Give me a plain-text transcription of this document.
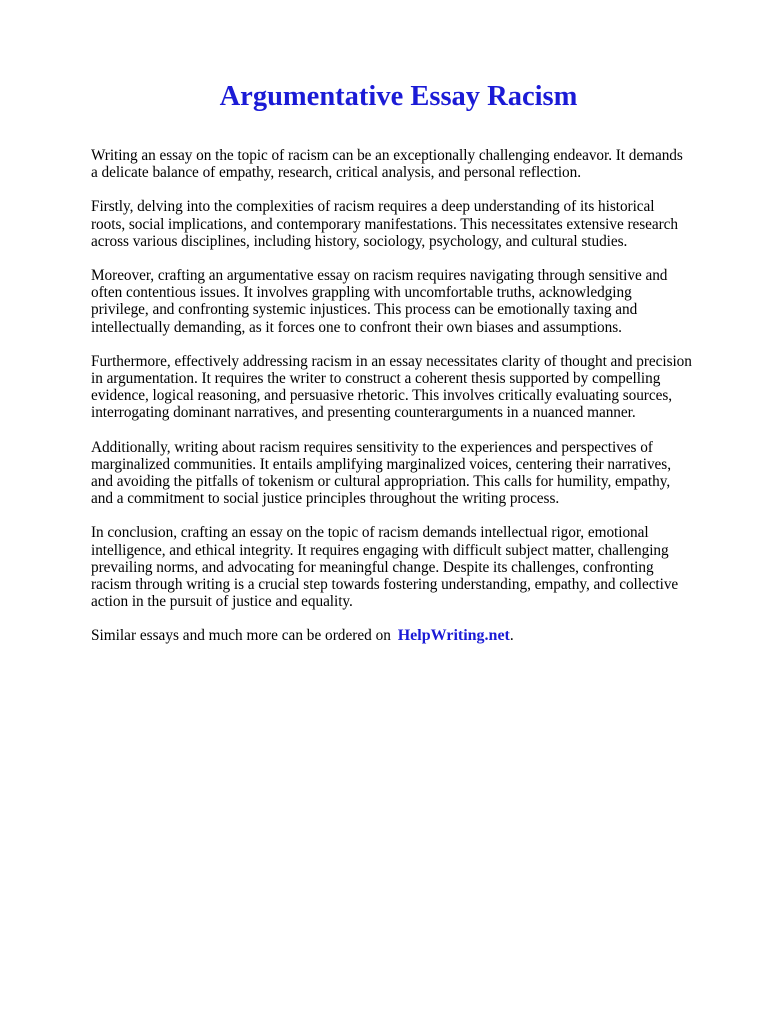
Argumentative Essay Racism

Writing an essay on the topic of racism can be an exceptionally challenging endeavor. It demands a delicate balance of empathy, research, critical analysis, and personal reflection.

Firstly, delving into the complexities of racism requires a deep understanding of its historical roots, social implications, and contemporary manifestations. This necessitates extensive research across various disciplines, including history, sociology, psychology, and cultural studies.

Moreover, crafting an argumentative essay on racism requires navigating through sensitive and often contentious issues. It involves grappling with uncomfortable truths, acknowledging privilege, and confronting systemic injustices. This process can be emotionally taxing and intellectually demanding, as it forces one to confront their own biases and assumptions.

Furthermore, effectively addressing racism in an essay necessitates clarity of thought and precision in argumentation. It requires the writer to construct a coherent thesis supported by compelling evidence, logical reasoning, and persuasive rhetoric. This involves critically evaluating sources, interrogating dominant narratives, and presenting counterarguments in a nuanced manner.

Additionally, writing about racism requires sensitivity to the experiences and perspectives of marginalized communities. It entails amplifying marginalized voices, centering their narratives, and avoiding the pitfalls of tokenism or cultural appropriation. This calls for humility, empathy, and a commitment to social justice principles throughout the writing process.

In conclusion, crafting an essay on the topic of racism demands intellectual rigor, emotional intelligence, and ethical integrity. It requires engaging with difficult subject matter, challenging prevailing norms, and advocating for meaningful change. Despite its challenges, confronting racism through writing is a crucial step towards fostering understanding, empathy, and collective action in the pursuit of justice and equality.

Similar essays and much more can be ordered on HelpWriting.net.
